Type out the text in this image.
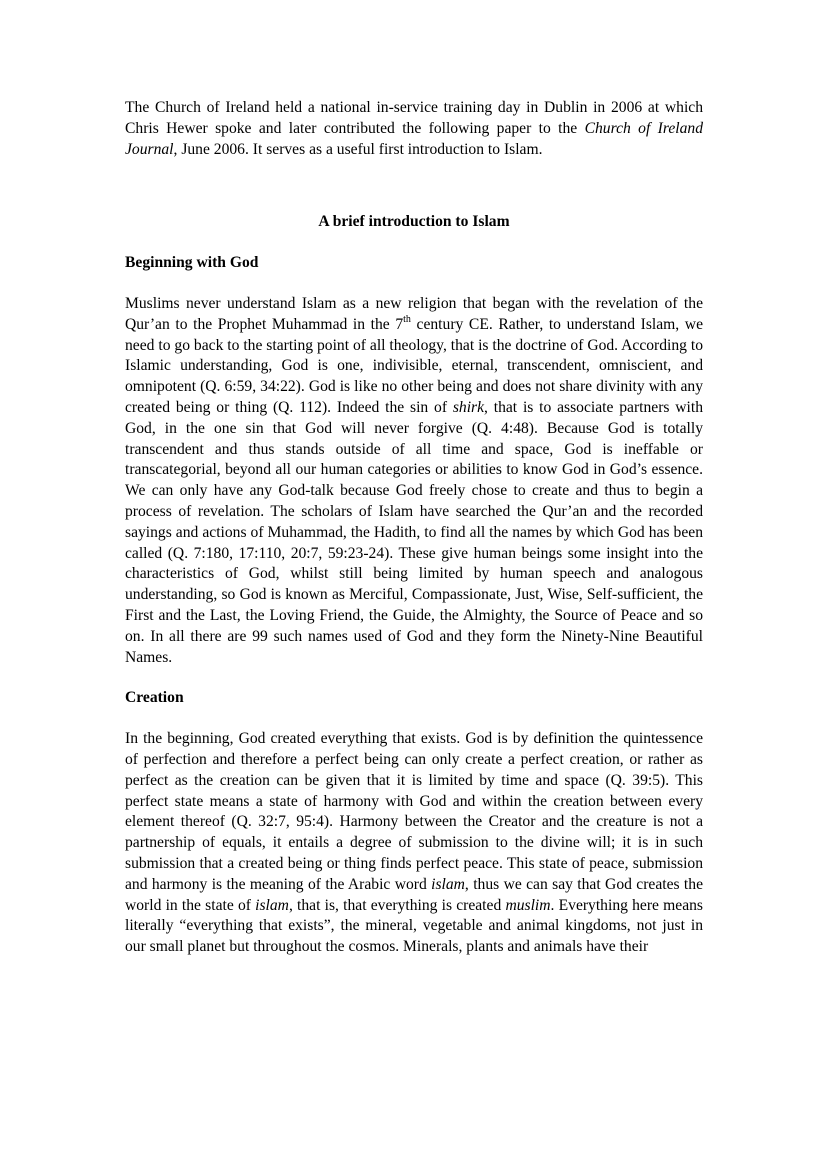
The Church of Ireland held a national in-service training day in Dublin in 2006 at which Chris Hewer spoke and later contributed the following paper to the Church of Ireland Journal, June 2006. It serves as a useful first introduction to Islam.

A brief introduction to Islam

Beginning with God

Muslims never understand Islam as a new religion that began with the revelation of the Qur’an to the Prophet Muhammad in the 7th century CE. Rather, to understand Islam, we need to go back to the starting point of all theology, that is the doctrine of God. According to Islamic understanding, God is one, indivisible, eternal, transcendent, omniscient, and omnipotent (Q. 6:59, 34:22). God is like no other being and does not share divinity with any created being or thing (Q. 112). Indeed the sin of shirk, that is to associate partners with God, in the one sin that God will never forgive (Q. 4:48). Because God is totally transcendent and thus stands outside of all time and space, God is ineffable or transcategorial, beyond all our human categories or abilities to know God in God’s essence. We can only have any God-talk because God freely chose to create and thus to begin a process of revelation. The scholars of Islam have searched the Qur’an and the recorded sayings and actions of Muhammad, the Hadith, to find all the names by which God has been called (Q. 7:180, 17:110, 20:7, 59:23-24). These give human beings some insight into the characteristics of God, whilst still being limited by human speech and analogous understanding, so God is known as Merciful, Compassionate, Just, Wise, Self-sufficient, the First and the Last, the Loving Friend, the Guide, the Almighty, the Source of Peace and so on. In all there are 99 such names used of God and they form the Ninety-Nine Beautiful Names.

Creation

In the beginning, God created everything that exists. God is by definition the quintessence of perfection and therefore a perfect being can only create a perfect creation, or rather as perfect as the creation can be given that it is limited by time and space (Q. 39:5). This perfect state means a state of harmony with God and within the creation between every element thereof (Q. 32:7, 95:4). Harmony between the Creator and the creature is not a partnership of equals, it entails a degree of submission to the divine will; it is in such submission that a created being or thing finds perfect peace. This state of peace, submission and harmony is the meaning of the Arabic word islam, thus we can say that God creates the world in the state of islam, that is, that everything is created muslim. Everything here means literally “everything that exists”, the mineral, vegetable and animal kingdoms, not just in our small planet but throughout the cosmos. Minerals, plants and animals have their
